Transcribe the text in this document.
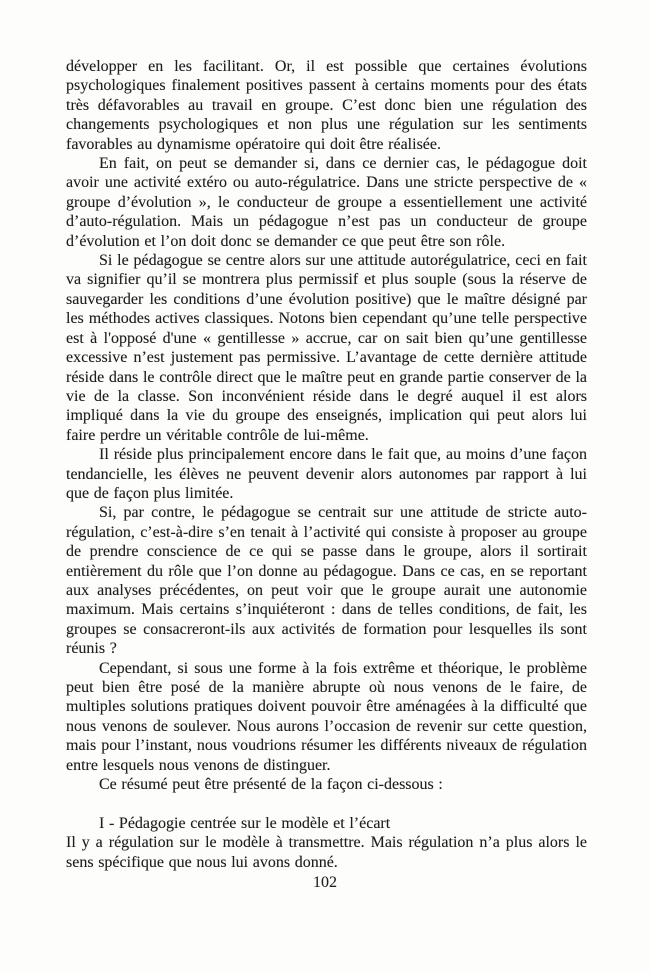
développer en les facilitant. Or, il est possible que certaines évolutions psychologiques finalement positives passent à certains moments pour des états très défavorables au travail en groupe. C’est donc bien une régulation des changements psychologiques et non plus une régulation sur les sentiments favorables au dynamisme opératoire qui doit être réalisée.

En fait, on peut se demander si, dans ce dernier cas, le pédagogue doit avoir une activité extéro ou auto-régulatrice. Dans une stricte perspective de « groupe d’évolution », le conducteur de groupe a essentiellement une activité d’auto-régulation. Mais un pédagogue n’est pas un conducteur de groupe d’évolution et l’on doit donc se demander ce que peut être son rôle.

Si le pédagogue se centre alors sur une attitude autorégulatrice, ceci en fait va signifier qu’il se montrera plus permissif et plus souple (sous la réserve de sauvegarder les conditions d’une évolution positive) que le maître désigné par les méthodes actives classiques. Notons bien cependant qu’une telle perspective est à l'opposé d'une « gentillesse » accrue, car on sait bien qu’une gentillesse excessive n’est justement pas permissive. L’avantage de cette dernière attitude réside dans le contrôle direct que le maître peut en grande partie conserver de la vie de la classe. Son inconvénient réside dans le degré auquel il est alors impliqué dans la vie du groupe des enseignés, implication qui peut alors lui faire perdre un véritable contrôle de lui-même.

Il réside plus principalement encore dans le fait que, au moins d’une façon tendancielle, les élèves ne peuvent devenir alors autonomes par rapport à lui que de façon plus limitée.

Si, par contre, le pédagogue se centrait sur une attitude de stricte auto-régulation, c’est-à-dire s’en tenait à l’activité qui consiste à proposer au groupe de prendre conscience de ce qui se passe dans le groupe, alors il sortirait entièrement du rôle que l’on donne au pédagogue. Dans ce cas, en se reportant aux analyses précédentes, on peut voir que le groupe aurait une autonomie maximum. Mais certains s’inquiéteront : dans de telles conditions, de fait, les groupes se consacreront-ils aux activités de formation pour lesquelles ils sont réunis ?

Cependant, si sous une forme à la fois extrême et théorique, le problème peut bien être posé de la manière abrupte où nous venons de le faire, de multiples solutions pratiques doivent pouvoir être aménagées à la difficulté que nous venons de soulever. Nous aurons l’occasion de revenir sur cette question, mais pour l’instant, nous voudrions résumer les différents niveaux de régulation entre lesquels nous venons de distinguer.

Ce résumé peut être présenté de la façon ci-dessous :

I - Pédagogie centrée sur le modèle et l’écart

Il y a régulation sur le modèle à transmettre. Mais régulation n’a plus alors le sens spécifique que nous lui avons donné.

102
